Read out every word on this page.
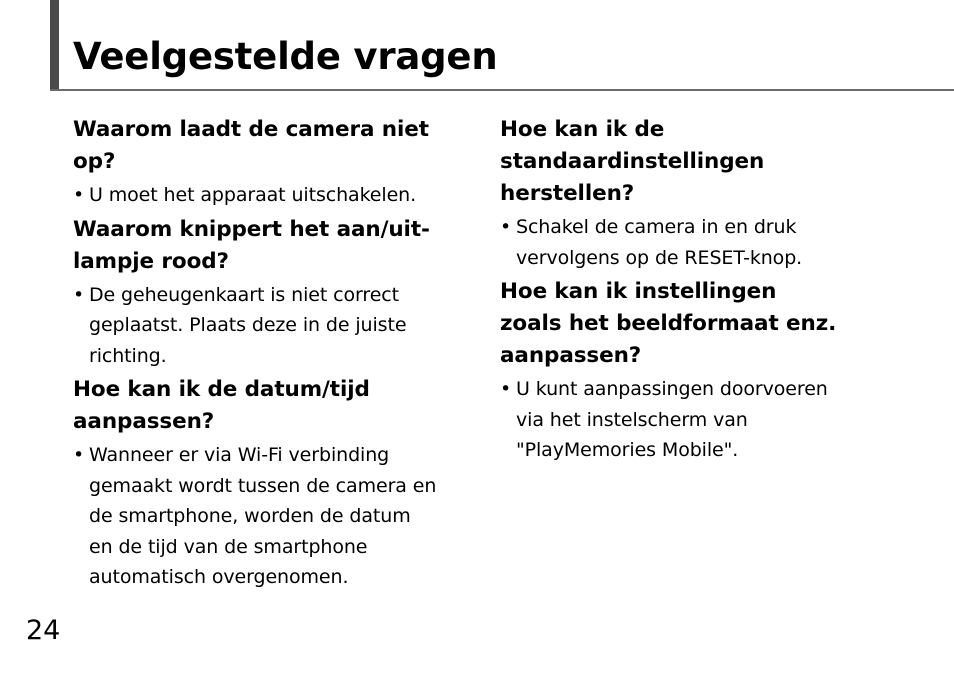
Veelgestelde vragen
Waarom laadt de camera niet
op?
• U moet het apparaat uitschakelen.
Waarom knippert het aan/uit-
lampje rood?
• De geheugenkaart is niet correct
geplaatst. Plaats deze in de juiste
richting.
Hoe kan ik de datum/tijd
aanpassen?
• Wanneer er via Wi-Fi verbinding
gemaakt wordt tussen de camera en
de smartphone, worden de datum
en de tijd van de smartphone
automatisch overgenomen.
Hoe kan ik de
standaardinstellingen
herstellen?
• Schakel de camera in en druk
vervolgens op de RESET-knop.
Hoe kan ik instellingen
zoals het beeldformaat enz.
aanpassen?
• U kunt aanpassingen doorvoeren
via het instelscherm van
"PlayMemories Mobile".
24
